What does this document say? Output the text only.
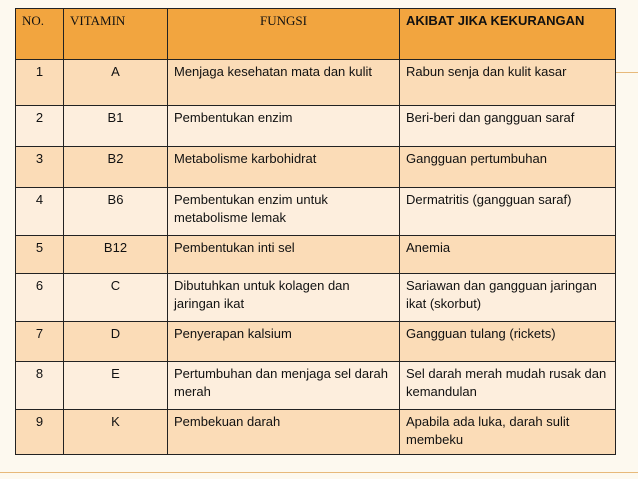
NO.	VITAMIN	FUNGSI	AKIBAT JIKA KEKURANGAN
1	A	Menjaga kesehatan mata dan kulit	Rabun senja dan kulit kasar
2	B1	Pembentukan enzim	Beri-beri dan gangguan saraf
3	B2	Metabolisme karbohidrat	Gangguan pertumbuhan
4	B6	Pembentukan enzim untuk metabolisme lemak	Dermatritis (gangguan saraf)
5	B12	Pembentukan inti sel	Anemia
6	C	Dibutuhkan untuk kolagen dan jaringan ikat	Sariawan dan gangguan jaringan ikat (skorbut)
7	D	Penyerapan kalsium	Gangguan tulang (rickets)
8	E	Pertumbuhan dan menjaga sel darah merah	Sel darah merah mudah rusak dan kemandulan
9	K	Pembekuan darah	Apabila ada luka, darah sulit membeku
